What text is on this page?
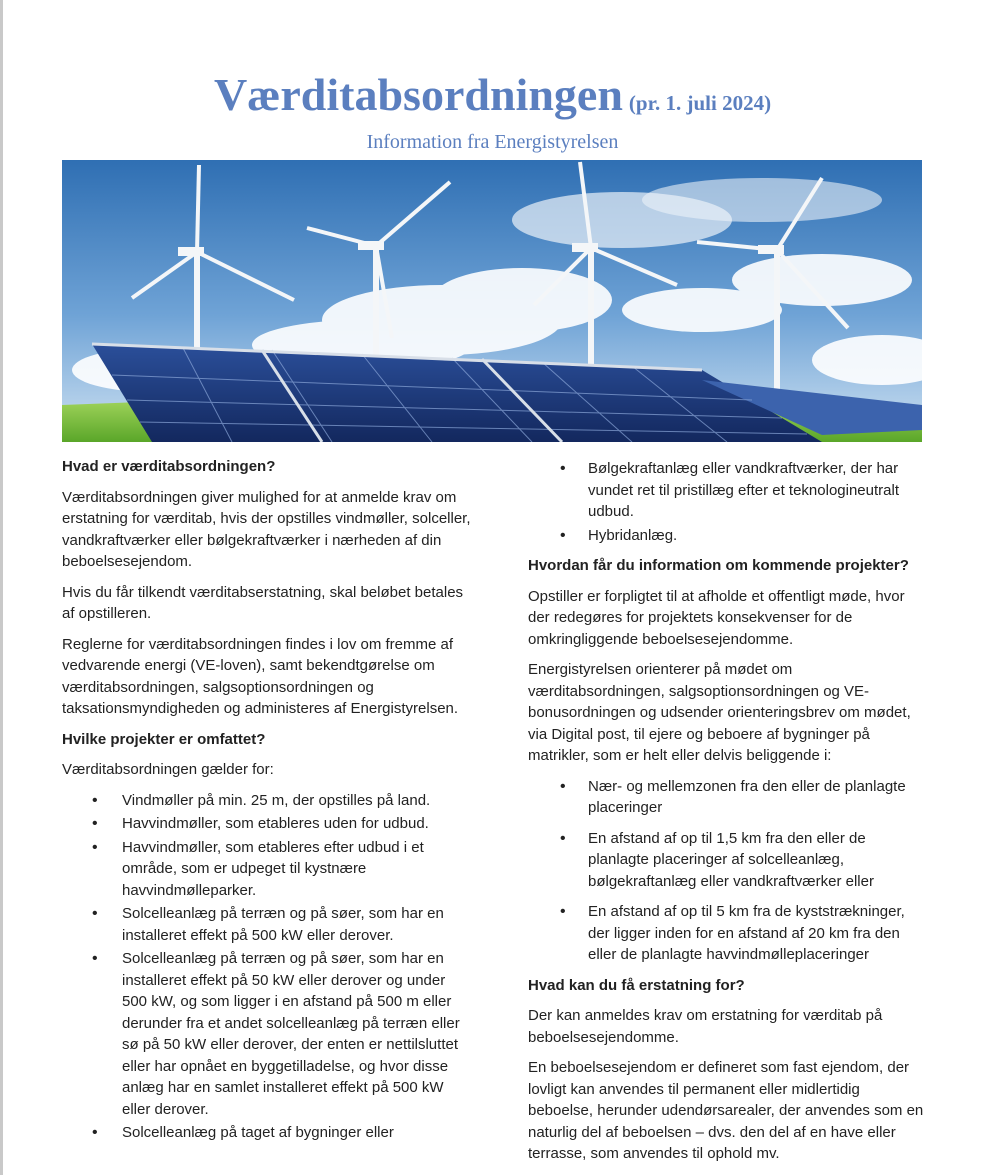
Værditabsordningen (pr. 1. juli 2024)
Information fra Energistyrelsen
Hvad er værditabsordningen?

Værditabsordningen giver mulighed for at anmelde krav om erstatning for værditab, hvis der opstilles vindmøller, solceller, vandkraftværker eller bølgekraftværker i nærheden af din beboelsesejendom.

Hvis du får tilkendt værditabserstatning, skal beløbet betales af opstilleren.

Reglerne for værditabsordningen findes i lov om fremme af vedvarende energi (VE-loven), samt bekendtgørelse om værditabsordningen, salgsoptionsordningen og taksationsmyndigheden og administeres af Energistyrelsen.

Hvilke projekter er omfattet?

Værditabsordningen gælder for:

• Vindmøller på min. 25 m, der opstilles på land.
• Havvindmøller, som etableres uden for udbud.
• Havvindmøller, som etableres efter udbud i et område, som er udpeget til kystnære havvindmølleparker.
• Solcelleanlæg på terræn og på søer, som har en installeret effekt på 500 kW eller derover.
• Solcelleanlæg på terræn og på søer, som har en installeret effekt på 50 kW eller derover og under 500 kW, og som ligger i en afstand på 500 m eller derunder fra et andet solcelleanlæg på terræn eller sø på 50 kW eller derover, der enten er nettilsluttet eller har opnået en byggetilladelse, og hvor disse anlæg har en samlet installeret effekt på 500 kW eller derover.
• Solcelleanlæg på taget af bygninger eller
• Bølgekraftanlæg eller vandkraftværker, der har vundet ret til pristillæg efter et teknologineutralt udbud.
• Hybridanlæg.
Hvordan får du information om kommende projekter?

Opstiller er forpligtet til at afholde et offentligt møde, hvor der redegøres for projektets konsekvenser for de omkringliggende beboelsesejendomme.

Energistyrelsen orienterer på mødet om værditabsordningen, salgsoptionsordningen og VE-bonusordningen og udsender orienteringsbrev om mødet, via Digital post, til ejere og beboere af bygninger på matrikler, som er helt eller delvis beliggende i:

• Nær- og mellemzonen fra den eller de planlagte placeringer
• En afstand af op til 1,5 km fra den eller de planlagte placeringer af solcelleanlæg, bølgekraftanlæg eller vandkraftværker eller
• En afstand af op til 5 km fra de kyststrækninger, der ligger inden for en afstand af 20 km fra den eller de planlagte havvindmølleplaceringer
Hvad kan du få erstatning for?

Der kan anmeldes krav om erstatning for værditab på beboelsesejendomme.

En beboelsesejendom er defineret som fast ejendom, der lovligt kan anvendes til permanent eller midlertidig beboelse, herunder udendørsarealer, der anvendes som en naturlig del af beboelsen – dvs. den del af en have eller terrasse, som anvendes til ophold mv.
